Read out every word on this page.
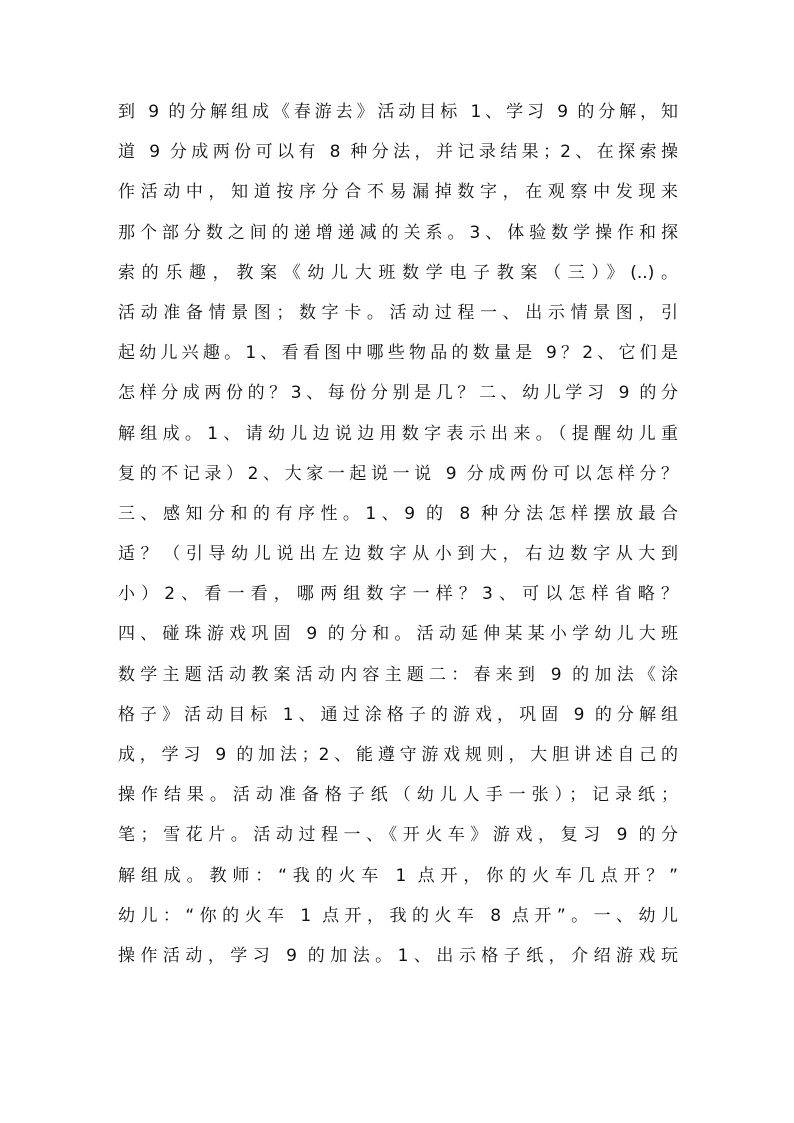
到 9 的分解组成《春游去》活动目标 1、学习 9 的分解，知
道 9 分成两份可以有 8 种分法，并记录结果；2、在探索操
作活动中，知道按序分合不易漏掉数字，在观察中发现来
那个部分数之间的递增递减的关系。3、体验数学操作和探
索的乐趣，教案《幼儿大班数学电子教案（三）》(..)。
活动准备情景图；数字卡。活动过程一、出示情景图，引
起幼儿兴趣。1、看看图中哪些物品的数量是 9？2、它们是
怎样分成两份的？3、每份分别是几？二、幼儿学习 9 的分
解组成。1、请幼儿边说边用数字表示出来。（提醒幼儿重
复的不记录）2、大家一起说一说 9 分成两份可以怎样分？
三、感知分和的有序性。1、9 的 8 种分法怎样摆放最合
适？（引导幼儿说出左边数字从小到大，右边数字从大到
小）2、看一看，哪两组数字一样？3、可以怎样省略？
四、碰珠游戏巩固 9 的分和。活动延伸某某小学幼儿大班
数学主题活动教案活动内容主题二：春来到 9 的加法《涂
格子》活动目标 1、通过涂格子的游戏，巩固 9 的分解组
成，学习 9 的加法；2、能遵守游戏规则，大胆讲述自己的
操作结果。活动准备格子纸（幼儿人手一张）；记录纸；
笔；雪花片。活动过程一、《开火车》游戏，复习 9 的分
解组成。教师：“我的火车 1 点开，你的火车几点开？”
幼儿：“你的火车 1 点开，我的火车 8 点开”。一、幼儿
操作活动，学习 9 的加法。1、出示格子纸，介绍游戏玩
